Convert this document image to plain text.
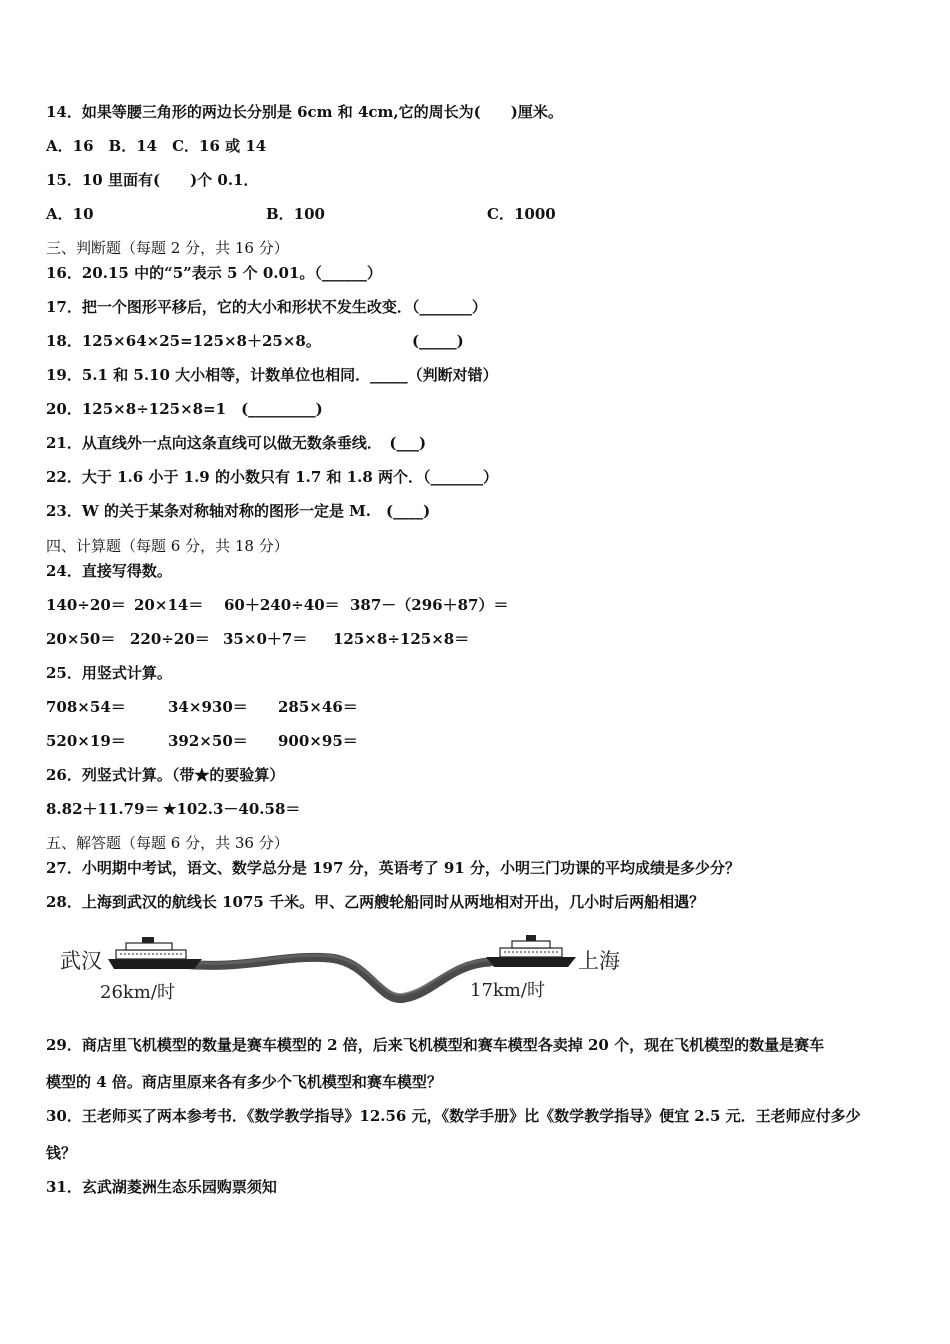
14．如果等腰三角形的两边长分别是 6cm 和 4cm,它的周长为(　　)厘米。
A．16　B．14　C．16 或 14
15．10 里面有(　　)个 0.1．
A．10	B．100	C．1000
三、判断题（每题 2 分，共 16 分）
16．20.15 中的“5”表示 5 个 0.01。（______）
17．把一个图形平移后，它的大小和形状不发生改变．（_______）
18．125×64×25=125×8＋25×8。	(_____)
19．5.1 和 5.10 大小相等，计数单位也相同．_____（判断对错）
20．125×8÷125×8=1　(_________)
21．从直线外一点向这条直线可以做无数条垂线．　(___)
22．大于 1.6 小于 1.9 的小数只有 1.7 和 1.8 两个．（_______）
23．W 的关于某条对称轴对称的图形一定是 M.　(____)
四、计算题（每题 6 分，共 18 分）
24．直接写得数。
140÷20＝ 20×14＝ 60＋240÷40＝ 387－（296＋87）＝
20×50＝ 220÷20＝ 35×0＋7＝ 125×8÷125×8＝
25．用竖式计算。
708×54＝	34×930＝ 285×46＝
520×19＝	392×50＝ 900×95＝
26．列竖式计算。（带★的要验算）
8.82＋11.79＝ ★102.3－40.58＝
五、解答题（每题 6 分，共 36 分）
27．小明期中考试，语文、数学总分是 197 分，英语考了 91 分，小明三门功课的平均成绩是多少分？
28．上海到武汉的航线长 1075 千米。甲、乙两艘轮船同时从两地相对开出，几小时后两船相遇？
武汉	上海
26km/时	17km/时
29．商店里飞机模型的数量是赛车模型的 2 倍，后来飞机模型和赛车模型各卖掉 20 个，现在飞机模型的数量是赛车
模型的 4 倍。商店里原来各有多少个飞机模型和赛车模型？
30．王老师买了两本参考书．《数学教学指导》12.56 元，《数学手册》比《数学教学指导》便宜 2.5 元．王老师应付多少
钱？
31．玄武湖菱洲生态乐园购票须知
